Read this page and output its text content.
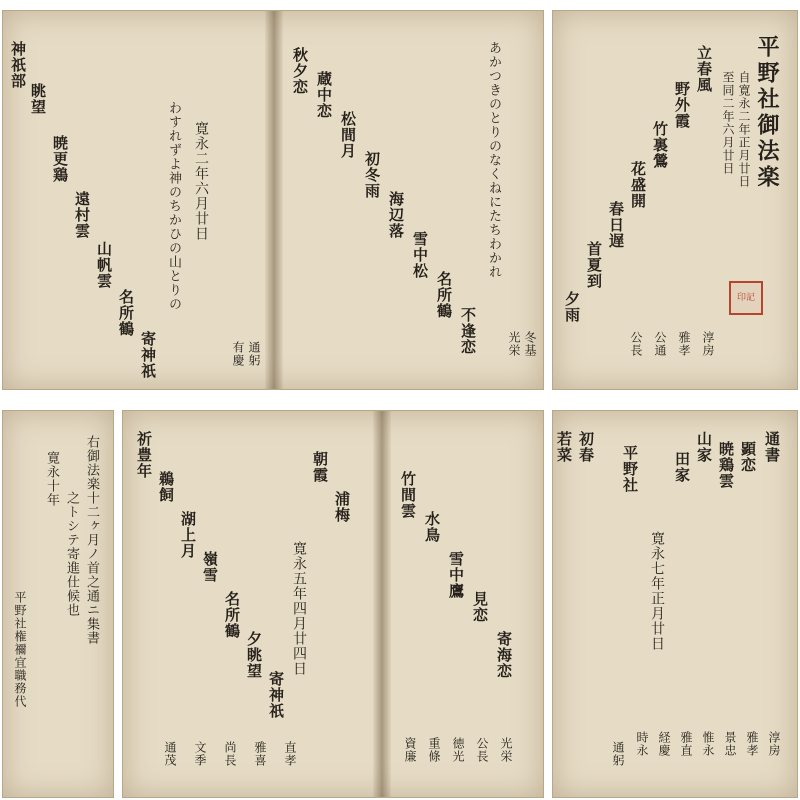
神祇部
眺望
暁更鶏
遠村雲
山帆雲
名所鶴
寄神祇
わすれずよ神のちかひの山とりの 寛永二年六月廿日
有慶 通躬
秋夕恋 蔵中恋
松間月
初冬雨
海辺落
雪中松
名所鶴
不逢恋
あかつきのとりのなくねにたちわかれ
光栄 冬基
平野社御法楽
自寛永二年正月廿日
至同二年六月廿日
立春風
野外霞
竹裏鶯
花盛開
春日遅
首夏到
夕雨
淳房
雅孝
公通
公長
印記
右御法楽十二ヶ月ノ首之通ニ集書
之トシテ寄進仕候也
寛永十年
平野社権禰宜職務代
祈豊年
鵜飼
湖上月
嶺雪
名所鶴
夕眺望
寄神祇
朝霞
浦梅
寛永五年四月廿四日
通茂 文季 尚長 雅喜 直孝
竹間雲
水鳥
雪中鷹
見恋
寄海恋
資廉 重條 徳光 公長 光栄
初春
若菜
寛永七年正月廿日
平野社 田家
山家 暁鶏雲 顕恋 通書
淳房
雅孝
景忠
惟永
雅直
経慶
時永
通躬
